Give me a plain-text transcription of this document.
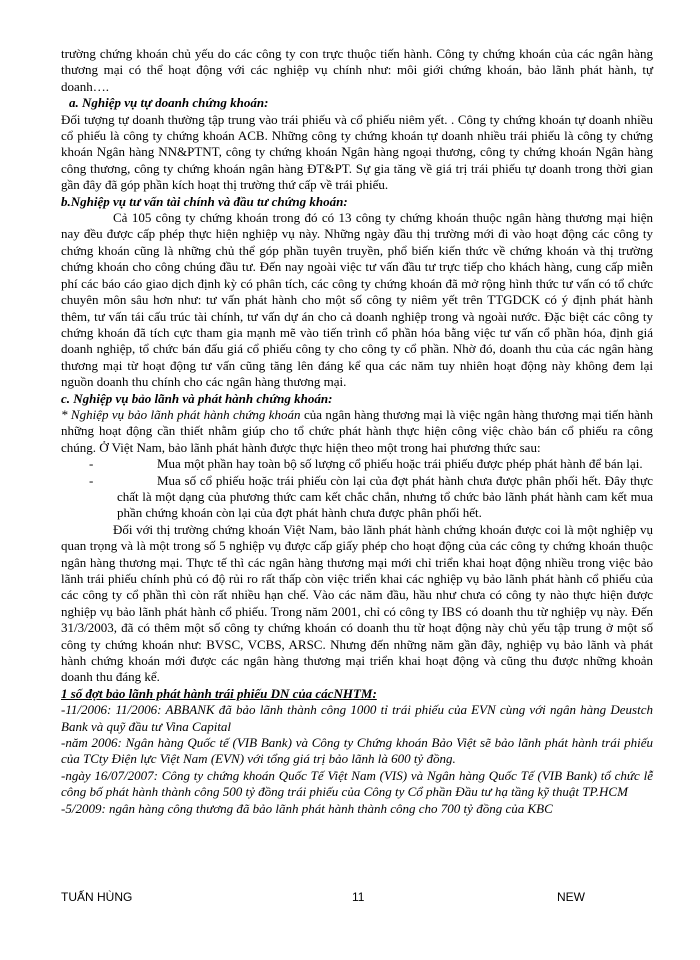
trường chứng khoán chủ yếu do các công ty con trực thuộc tiến hành. Công ty chứng khoán của các ngân hàng thương mại có thể hoạt động với các nghiệp vụ chính như: môi giới chứng khoán, bảo lãnh phát hành, tự doanh….

a. Nghiệp vụ tự doanh chứng khoán:

Đối tượng tự doanh thường tập trung vào trái phiếu và cổ phiếu niêm yết. . Công ty chứng khoán tự doanh nhiều cổ phiếu là công ty chứng khoán ACB. Những công ty chứng khoán tự doanh nhiều trái phiếu là công ty chứng khoán Ngân hàng NN&PTNT, công ty chứng khoán Ngân hàng ngoại thương, công ty chứng khoán Ngân hàng công thương, công ty chứng khoán ngân hàng ĐT&PT. Sự gia tăng về giá trị trái phiếu tự doanh trong thời gian gần đây đã góp phần kích hoạt thị trường thứ cấp về trái phiếu.

b.Nghiệp vụ tư vấn tài chính và đầu tư chứng khoán:

Cả 105 công ty chứng khoán trong đó có 13 công ty chứng khoán thuộc ngân hàng thương mại hiện nay đều được cấp phép thực hiện nghiệp vụ này. Những ngày đầu thị trường mới đi vào hoạt động các công ty chứng khoán cũng là những chủ thể góp phần tuyên truyền, phổ biến kiến thức về chứng khoán và thị trường chứng khoán cho công chúng đầu tư. Đến nay ngoài việc tư vấn đầu tư trực tiếp cho khách hàng, cung cấp miễn phí các báo cáo giao dịch định kỳ có phân tích, các công ty chứng khoán đã mở rộng hình thức tư vấn có tổ chức chuyên môn sâu hơn như: tư vấn phát hành cho một số công ty niêm yết trên TTGDCK có ý định phát hành thêm, tư vấn tái cấu trúc tài chính, tư vấn dự án cho cả doanh nghiệp trong và ngoài nước. Đặc biệt các công ty chứng khoán đã tích cực tham gia mạnh mẽ vào tiến trình cổ phần hóa bằng việc tư vấn cổ phần hóa, định giá doanh nghiệp, tổ chức bán đấu giá cổ phiếu công ty cho công ty cổ phần. Nhờ đó, doanh thu của các ngân hàng thương mại từ hoạt động tư vấn cũng tăng lên đáng kể qua các năm tuy nhiên hoạt động này không đem lại nguồn doanh thu chính cho các ngân hàng thương mại.

c. Nghiệp vụ bảo lãnh và phát hành chứng khoán:

* Nghiệp vụ bảo lãnh phát hành chứng khoán của ngân hàng thương mại là việc ngân hàng thương mại tiến hành những hoạt động cần thiết nhằm giúp cho tổ chức phát hành thực hiện công việc chào bán cổ phiếu ra công chúng. Ở Việt Nam, bảo lãnh phát hành được thực hiện theo một trong hai phương thức sau:

-	Mua một phần hay toàn bộ số lượng cổ phiếu hoặc trái phiếu được phép phát hành để bán lại.
-	Mua số cổ phiếu hoặc trái phiếu còn lại của đợt phát hành chưa được phân phối hết. Đây thực chất là một dạng của phương thức cam kết chắc chắn, nhưng tổ chức bảo lãnh phát hành cam kết mua phần chứng khoán còn lại của đợt phát hành chưa được phân phối hết.

Đối với thị trường chứng khoán Việt Nam, bảo lãnh phát hành chứng khoán được coi là một nghiệp vụ quan trọng và là một trong số 5 nghiệp vụ được cấp giấy phép cho hoạt động của các công ty chứng khoán thuộc ngân hàng thương mại. Thực tế thì các ngân hàng thương mại mới chỉ triển khai hoạt động nhiều trong việc bảo lãnh trái phiếu chính phủ có độ rủi ro rất thấp còn việc triển khai các nghiệp vụ bảo lãnh phát hành cổ phiếu của các công ty cổ phần thì còn rất nhiều hạn chế. Vào các năm đầu, hầu như chưa có công ty nào thực hiện được nghiệp vụ bảo lãnh phát hành cổ phiếu. Trong năm 2001, chỉ có công ty IBS có doanh thu từ nghiệp vụ này. Đến 31/3/2003, đã có thêm một số công ty chứng khoán có doanh thu từ hoạt động này chủ yếu tập trung ở một số công ty chứng khoán như: BVSC, VCBS, ARSC. Nhưng đến những năm gần đây, nghiệp vụ bảo lãnh và phát hành chứng khoán mới được các ngân hàng thương mại triển khai hoạt động và cũng thu được những khoản doanh thu đáng kể.

1 số đợt bảo lãnh phát hành trái phiếu DN của cácNHTM:

-11/2006: 11/2006: ABBANK đã bảo lãnh thành công 1000 tỉ trái phiếu của EVN cùng với ngân hàng Deustch Bank và quỹ đầu tư Vina Capital

-năm 2006: Ngân hàng Quốc tế (VIB Bank) và Công ty Chứng khoán Bảo Việt sẽ bảo lãnh phát hành trái phiếu của TCty Điện lực Việt Nam (EVN) với tổng giá trị bảo lãnh là 600 tỷ đồng.

-ngày 16/07/2007: Công ty chứng khoán Quốc Tế Việt Nam (VIS) và Ngân hàng Quốc Tế (VIB Bank) tổ chức lễ công bố phát hành thành công 500 tỷ đồng trái phiếu của Công ty Cổ phần Đầu tư hạ tầng kỹ thuật TP.HCM

-5/2009: ngân hàng công thương đã bảo lãnh phát hành thành công cho 700 tỷ đồng của KBC

TUẤN HÙNG	11	NEW
